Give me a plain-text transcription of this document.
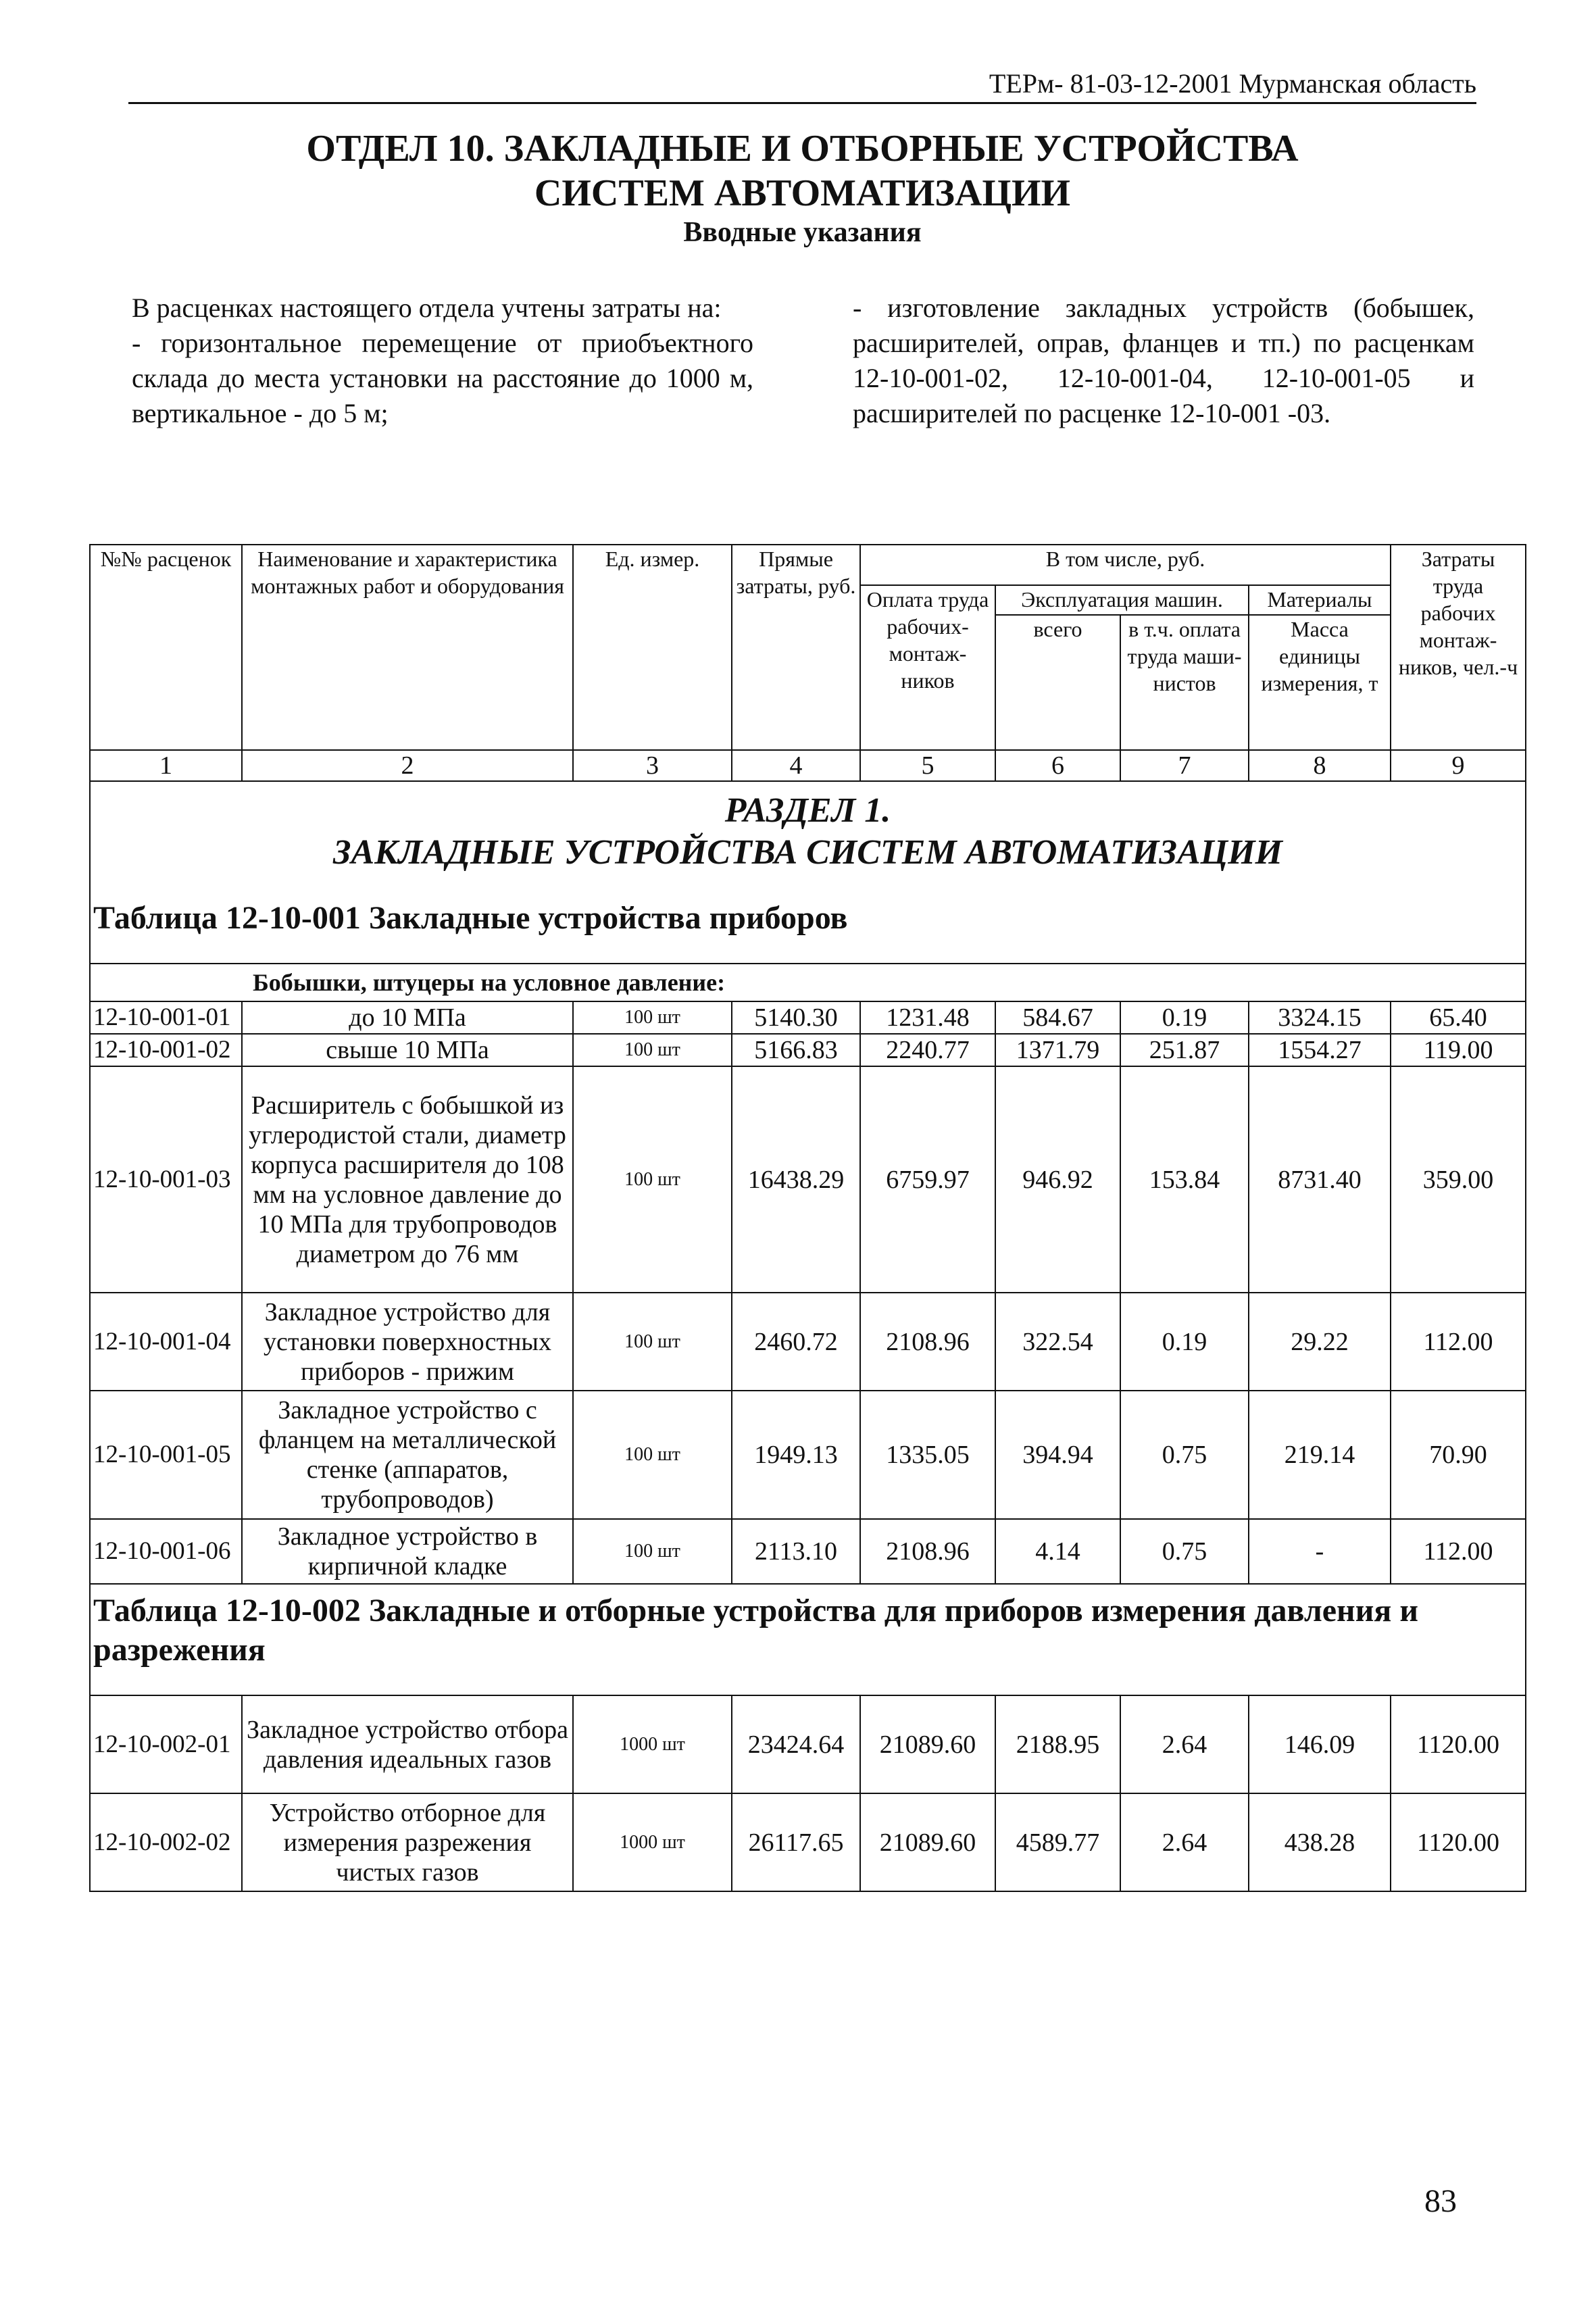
ТЕРм- 81-03-12-2001 Мурманская область
ОТДЕЛ 10. ЗАКЛАДНЫЕ И ОТБОРНЫЕ УСТРОЙСТВА
СИСТЕМ АВТОМАТИЗАЦИИ
Вводные указания

В расценках настоящего отдела учтены затраты на:

- горизонтальное перемещение от приобъектного склада до места установки на расстояние до 1000 м, вертикальное - до 5 м;

- изготовление закладных устройств (бобышек, расширителей, оправ, фланцев и тп.) по расценкам 12-10-001-02, 12-10-001-04, 12-10-001-05 и расширителей по расценке 12-10-001 -03.

№№ расценок	Наименование и характеристика монтажных работ и оборудования	Ед. измер.	Прямые затраты, руб.	В том числе, руб.				Затраты труда рабочих монтаж-ников, чел.-ч
				Оплата труда рабочих-монтаж-ников	Эксплуатация машин.		Материалы	
					всего	в т.ч. оплата труда маши-нистов	Масса единицы измерения, т	
1	2	3	4	5	6	7	8	9

РАЗДЕЛ 1.
ЗАКЛАДНЫЕ УСТРОЙСТВА СИСТЕМ АВТОМАТИЗАЦИИ
Таблица 12-10-001 Закладные устройства приборов								

Бобышки, штуцеры на условное давление:								
12-10-001-01	до 10 МПа	100 шт	5140.30	1231.48	584.67	0.19	3324.15	65.40
12-10-001-02	свыше 10 МПа	100 шт	5166.83	2240.77	1371.79	251.87	1554.27	119.00
12-10-001-03	Расширитель с бобышкой из углеродистой стали, диаметр корпуса расширителя до 108 мм на условное давление до 10 МПа для трубопроводов диаметром до 76 мм	100 шт	16438.29	6759.97	946.92	153.84	8731.40	359.00
12-10-001-04	Закладное устройство для установки поверхностных приборов - прижим	100 шт	2460.72	2108.96	322.54	0.19	29.22	112.00
12-10-001-05	Закладное устройство с фланцем на металлической стенке (аппаратов, трубопроводов)	100 шт	1949.13	1335.05	394.94	0.75	219.14	70.90
12-10-001-06	Закладное устройство в кирпичной кладке	100 шт	2113.10	2108.96	4.14	0.75	-	112.00
Таблица 12-10-002 Закладные и отборные устройства для приборов измерения давления и разрежения								
12-10-002-01	Закладное устройство отбора давления идеальных газов	1000 шт	23424.64	21089.60	2188.95	2.64	146.09	1120.00
12-10-002-02	Устройство отборное для измерения разрежения чистых газов	1000 шт	26117.65	21089.60	4589.77	2.64	438.28	1120.00
83
